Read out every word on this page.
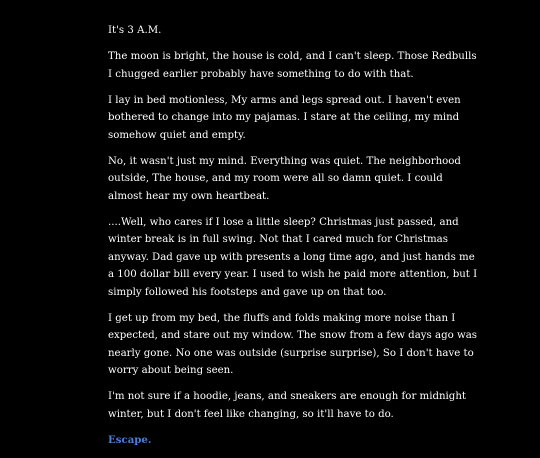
It's 3 A.M.

The moon is bright, the house is cold, and I can't sleep. Those Redbulls I chugged earlier probably have something to do with that.

I lay in bed motionless, My arms and legs spread out. I haven't even bothered to change into my pajamas. I stare at the ceiling, my mind somehow quiet and empty.

No, it wasn't just my mind. Everything was quiet. The neighborhood outside, The house, and my room were all so damn quiet. I could almost hear my own heartbeat.

....Well, who cares if I lose a little sleep? Christmas just passed, and winter break is in full swing. Not that I cared much for Christmas anyway. Dad gave up with presents a long time ago, and just hands me a 100 dollar bill every year. I used to wish he paid more attention, but I simply followed his footsteps and gave up on that too.

I get up from my bed, the fluffs and folds making more noise than I expected, and stare out my window. The snow from a few days ago was nearly gone. No one was outside (surprise surprise), So I don't have to worry about being seen.

I'm not sure if a hoodie, jeans, and sneakers are enough for midnight winter, but I don't feel like changing, so it'll have to do.

Escape.
